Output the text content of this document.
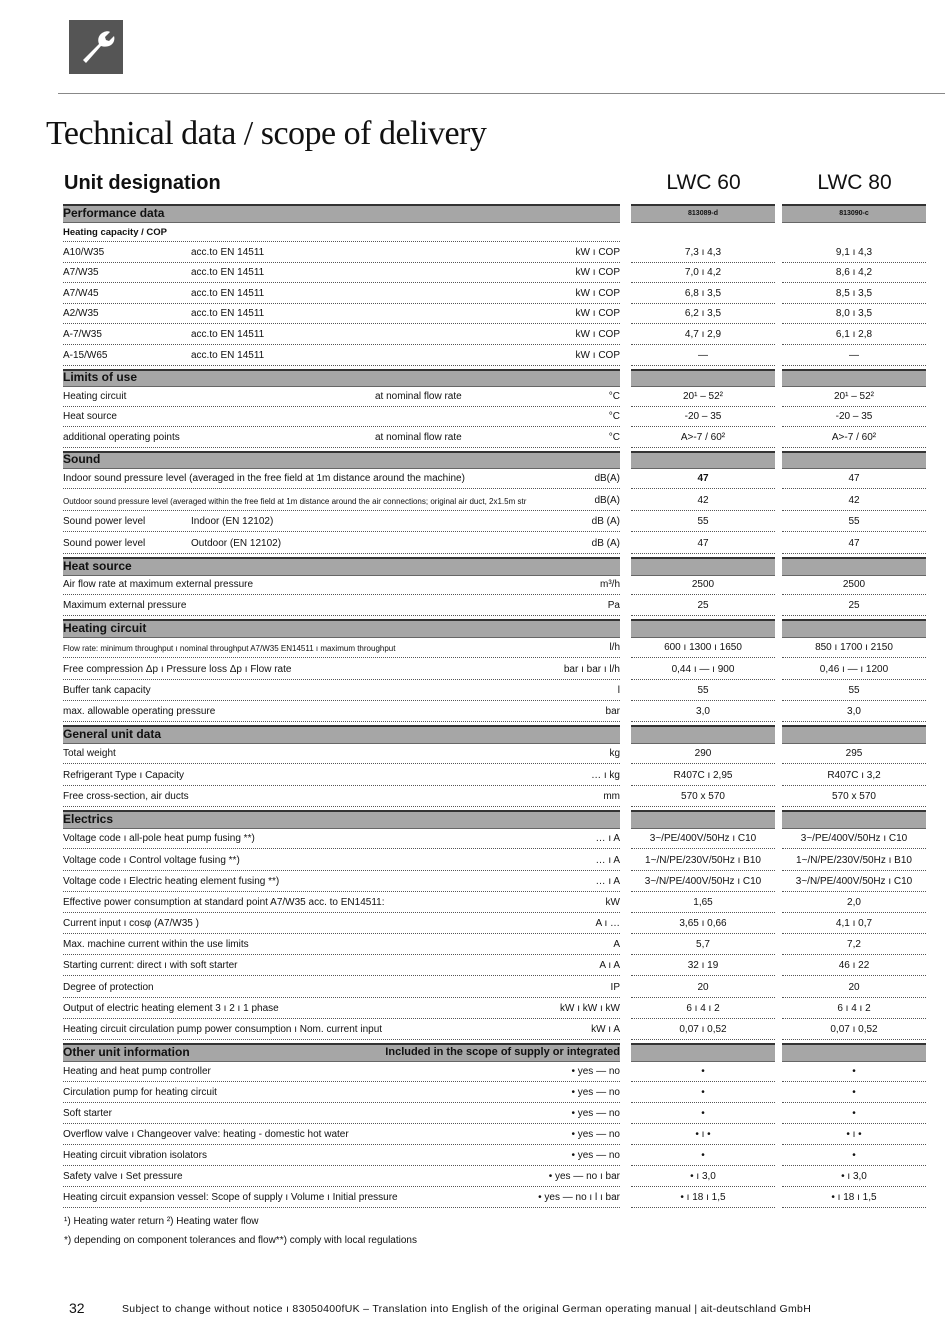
Technical data / scope of delivery
Unit designation	LWC 60	LWC 80
Performance data	813089-d	813090-c
Heating capacity / COP
A10/W35	acc.to EN 14511	kW ı COP	7,3 ı 4,3	9,1 ı 4,3
A7/W35	acc.to EN 14511	kW ı COP	7,0 ı 4,2	8,6 ı 4,2
A7/W45	acc.to EN 14511	kW ı COP	6,8 ı 3,5	8,5 ı 3,5
A2/W35	acc.to EN 14511	kW ı COP	6,2 ı 3,5	8,0 ı 3,5
A-7/W35	acc.to EN 14511	kW ı COP	4,7 ı 2,9	6,1 ı 2,8
A-15/W65	acc.to EN 14511	kW ı COP	—	—
Limits of use
Heating circuit	at nominal flow rate	°C	20¹ – 52²	20¹ – 52²
Heat source	°C	-20 – 35	-20 – 35
additional operating points	at nominal flow rate	°C	A>-7 / 60²	A>-7 / 60²
Sound
Indoor sound pressure level (averaged in the free field at 1m distance around the machine)	dB(A)	47	47
Outdoor sound pressure level (averaged within the free field at 1m distance around the air connections; original air duct, 2x1.5m str	dB(A)	42	42
Sound power level	Indoor (EN 12102)	dB (A)	55	55
Sound power level	Outdoor (EN 12102)	dB (A)	47	47
Heat source
Air flow rate at maximum external pressure	m³/h	2500	2500
Maximum external pressure	Pa	25	25
Heating circuit
Flow rate: minimum throughput ı nominal throughput A7/W35 EN14511 ı maximum throughput	l/h	600 ı 1300 ı 1650	850 ı 1700 ı 2150
Free compression Δp ı Pressure loss Δp ı Flow rate	bar ı bar ı l/h	0,44 ı — ı 900	0,46 ı — ı 1200
Buffer tank capacity	l	55	55
max. allowable operating pressure	bar	3,0	3,0
General unit data
Total weight	kg	290	295
Refrigerant Type ı Capacity	… ı kg	R407C ı 2,95	R407C ı 3,2
Free cross-section, air ducts	mm	570 x 570	570 x 570
Electrics
Voltage code ı all-pole heat pump fusing **)	… ı A	3~/PE/400V/50Hz ı C10	3~/PE/400V/50Hz ı C10
Voltage code ı Control voltage fusing **)	… ı A	1~/N/PE/230V/50Hz ı B10	1~/N/PE/230V/50Hz ı B10
Voltage code ı Electric heating element fusing **)	… ı A	3~/N/PE/400V/50Hz ı C10	3~/N/PE/400V/50Hz ı C10
Effective power consumption at standard point A7/W35 acc. to EN14511:	kW	1,65	2,0
Current input ı cosφ (A7/W35 )	A ı …	3,65 ı 0,66	4,1 ı 0,7
Max. machine current within the use limits	A	5,7	7,2
Starting current: direct ı with soft starter	A ı A	32 ı 19	46 ı 22
Degree of protection	IP	20	20
Output of electric heating element 3 ı 2 ı 1 phase	kW ı kW ı kW	6 ı 4 ı 2	6 ı 4 ı 2
Heating circuit circulation pump power consumption ı Nom. current input	kW ı A	0,07 ı 0,52	0,07 ı 0,52
Other unit information	Included in the scope of supply or integrated
Heating and heat pump controller	• yes — no	•	•
Circulation pump for heating circuit	• yes — no	•	•
Soft starter	• yes — no	•	•
Overflow valve ı Changeover valve: heating - domestic hot water	• yes — no	• ı •	• ı •
Heating circuit vibration isolators	• yes — no	•	•
Safety valve ı Set pressure	• yes — no ı bar	• ı 3,0	• ı 3,0
Heating circuit expansion vessel: Scope of supply ı Volume ı Initial pressure	• yes — no ı l ı bar	• ı 18 ı 1,5	• ı 18 ı 1,5
¹) Heating water return ²) Heating water flow
*) depending on component tolerances and flow**) comply with local regulations
32	Subject to change without notice ı 83050400fUK – Translation into English of the original German operating manual | ait-deutschland GmbH
